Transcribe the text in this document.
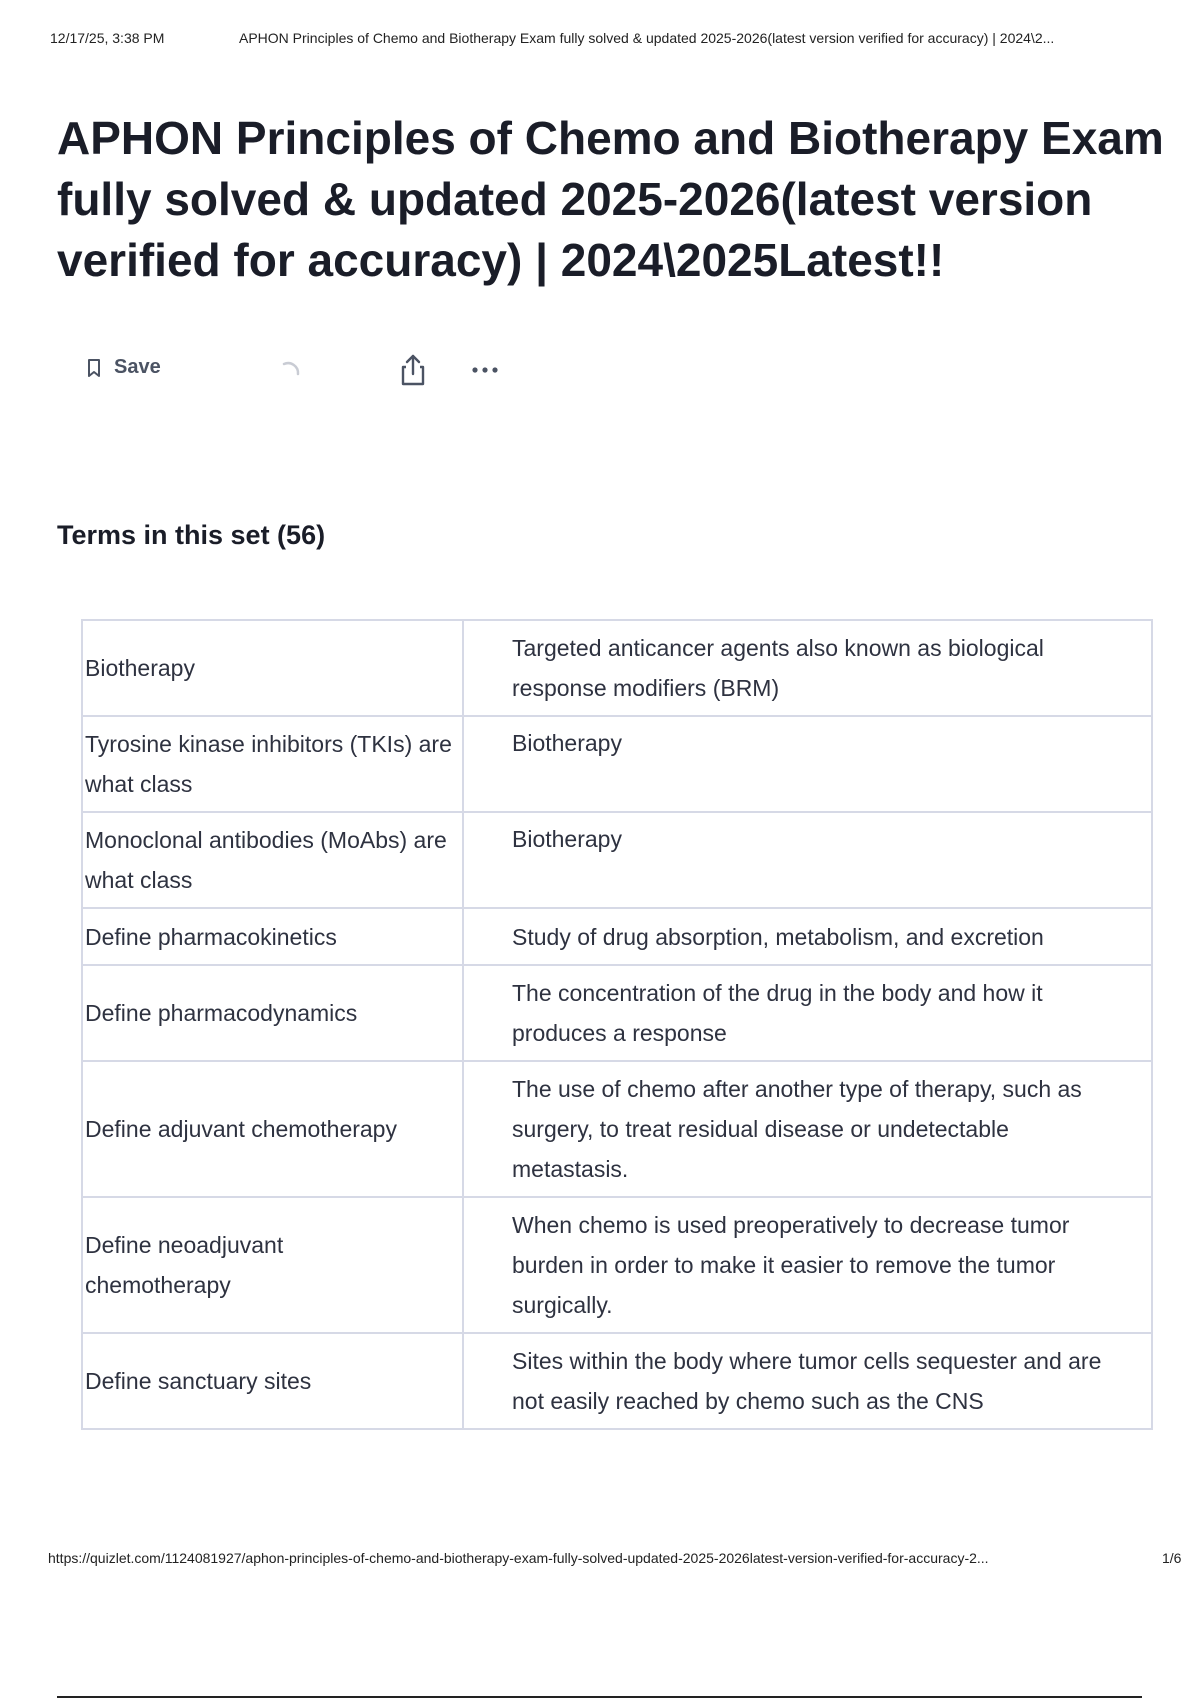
12/17/25, 3:38 PM	APHON Principles of Chemo and Biotherapy Exam fully solved & updated 2025-2026(latest version verified for accuracy) | 2024\2...
APHON Principles of Chemo and Biotherapy Exam fully solved & updated 2025-2026(latest version verified for accuracy) | 2024\2025Latest!!
Save
Terms in this set (56)
Biotherapy	Targeted anticancer agents also known as biological response modifiers (BRM)
Tyrosine kinase inhibitors (TKIs) are what class	Biotherapy
Monoclonal antibodies (MoAbs) are what class	Biotherapy
Define pharmacokinetics	Study of drug absorption, metabolism, and excretion
Define pharmacodynamics	The concentration of the drug in the body and how it produces a response
Define adjuvant chemotherapy	The use of chemo after another type of therapy, such as surgery, to treat residual disease or undetectable metastasis.
Define neoadjuvant chemotherapy	When chemo is used preoperatively to decrease tumor burden in order to make it easier to remove the tumor surgically.
Define sanctuary sites	Sites within the body where tumor cells sequester and are not easily reached by chemo such as the CNS
https://quizlet.com/1124081927/aphon-principles-of-chemo-and-biotherapy-exam-fully-solved-updated-2025-2026latest-version-verified-for-accuracy-2...	1/6
